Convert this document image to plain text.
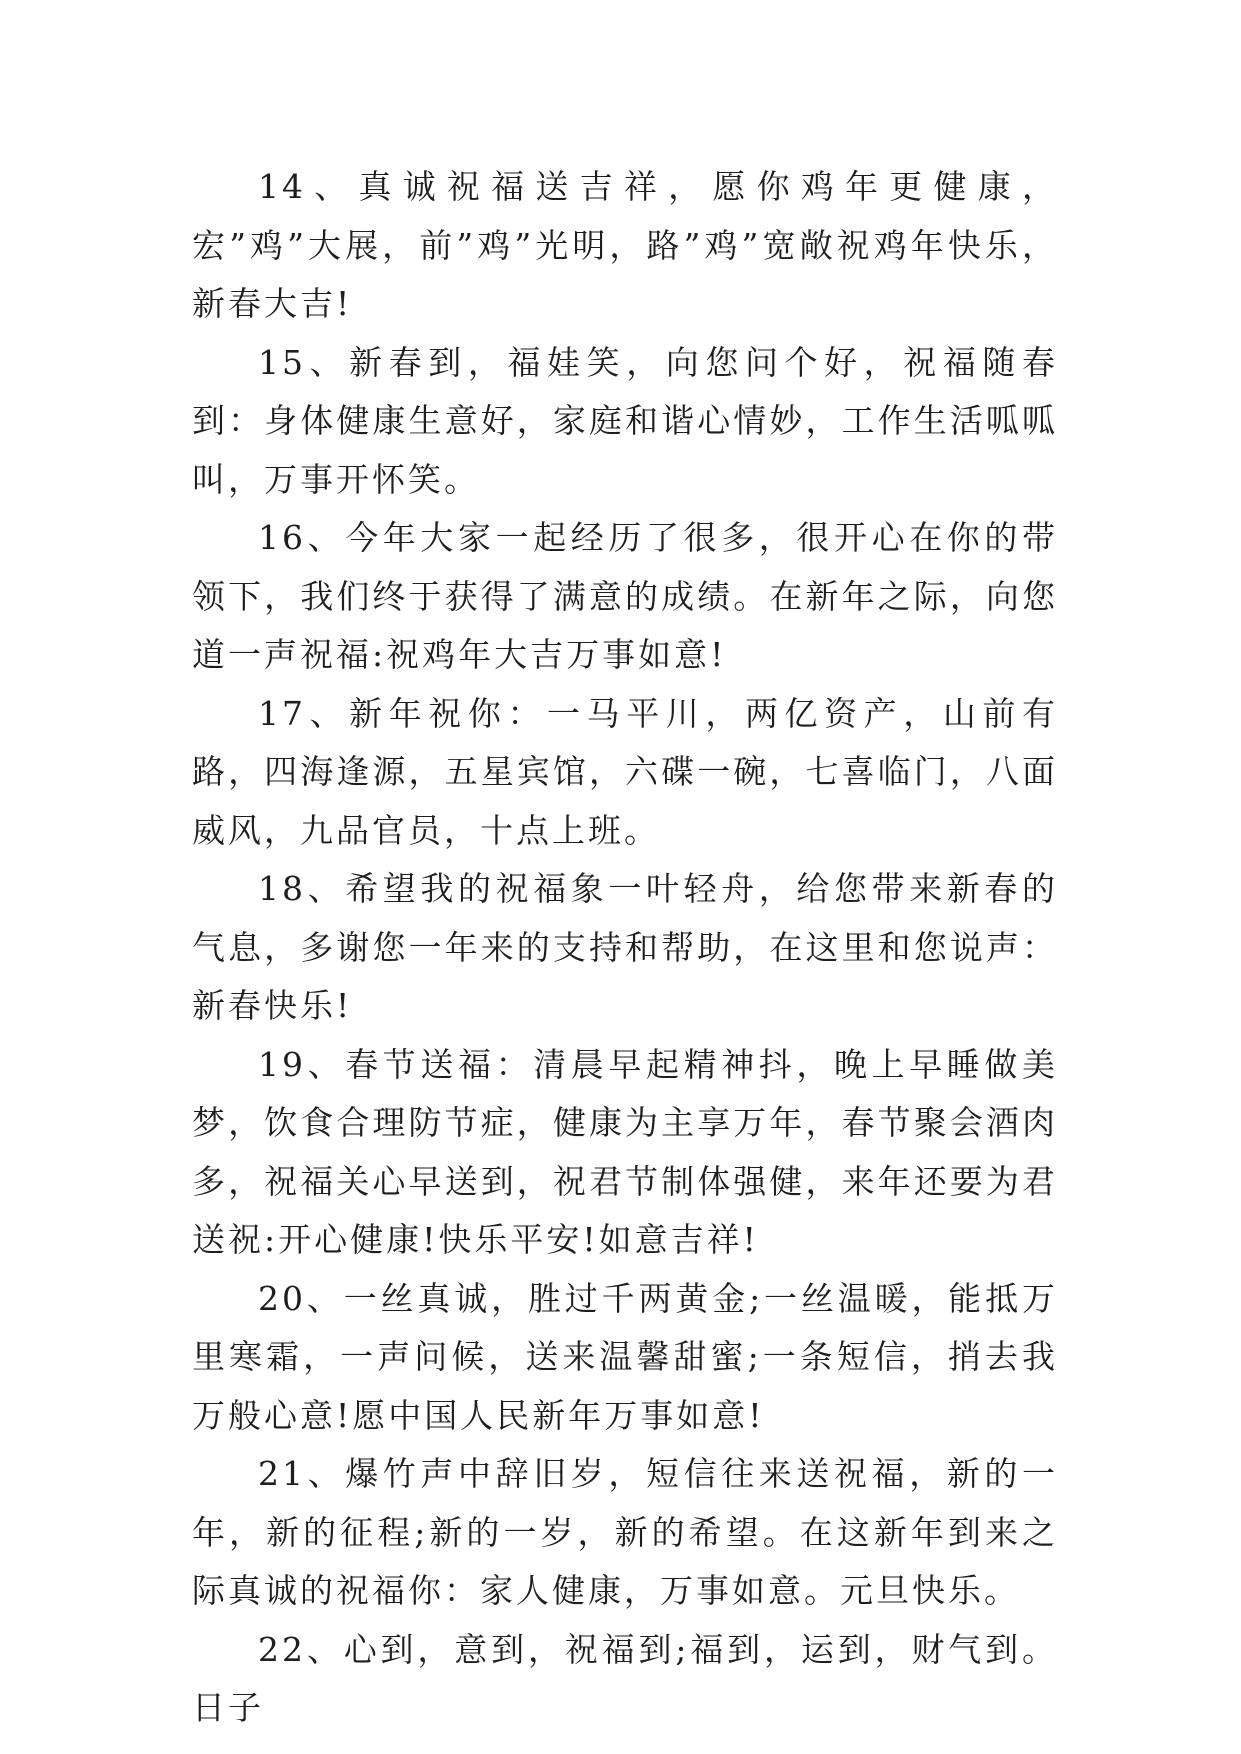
14、真诚祝福送吉祥，愿你鸡年更健康，宏”鸡”大展，前”鸡”光明，路”鸡”宽敞祝鸡年快乐，新春大吉!

15、新春到，福娃笑，向您问个好，祝福随春到：身体健康生意好，家庭和谐心情妙，工作生活呱呱叫，万事开怀笑。

16、今年大家一起经历了很多，很开心在你的带领下，我们终于获得了满意的成绩。在新年之际，向您道一声祝福:祝鸡年大吉万事如意!

17、新年祝你：一马平川，两亿资产，山前有路，四海逢源，五星宾馆，六碟一碗，七喜临门，八面威风，九品官员，十点上班。

18、希望我的祝福象一叶轻舟，给您带来新春的气息，多谢您一年来的支持和帮助，在这里和您说声：新春快乐!

19、春节送福：清晨早起精神抖，晚上早睡做美梦，饮食合理防节症，健康为主享万年，春节聚会酒肉多，祝福关心早送到，祝君节制体强健，来年还要为君送祝:开心健康!快乐平安!如意吉祥!

20、一丝真诚，胜过千两黄金;一丝温暖，能抵万里寒霜，一声问候，送来温馨甜蜜;一条短信，捎去我万般心意!愿中国人民新年万事如意!

21、爆竹声中辞旧岁，短信往来送祝福，新的一年，新的征程;新的一岁，新的希望。在这新年到来之际真诚的祝福你：家人健康，万事如意。元旦快乐。

22、心到，意到，祝福到;福到，运到，财气到。日子
